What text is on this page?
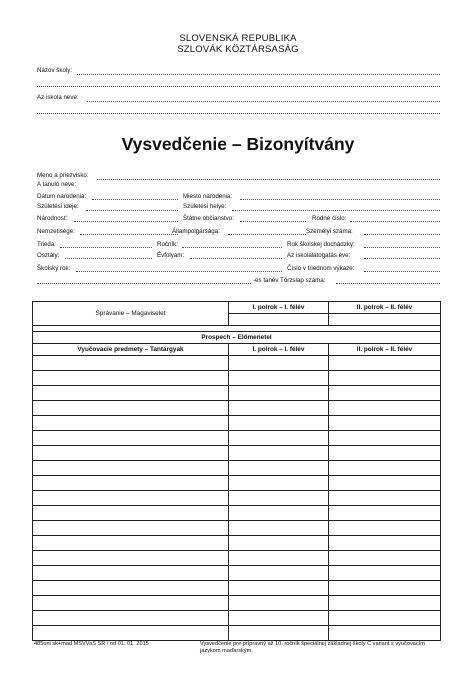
SLOVENSKÁ REPUBLIKA
SZLOVÁK KÖZTÁRSASÁG
Názov školy:
Az iskola neve:
Vysvedčenie – Bizonyítvány
Meno a priezvisko:
A tanuló neve:
Dátum narodenia:	Miesto narodenia:
Születési ideje:	Születési helye:
Národnosť:	Štátne občianstvo:	Rodné číslo:
Nemzetisége:	Állampolgársága:	Személyi száma:
Trieda:	Ročník:	Rok školskej dochádzky:
Osztály:	Évfolyam:	Az iskolalátogatás éve:
Školský rok:	Číslo v triednom výkaze:
-es tanév Törzslap száma:
Správanie – Magaviselet	I. polrok – I. félév	II. polrok – II. félév

Prospech – Előmenetel		
Vyučovacie predmety – Tantárgyak	I. polrok – I. félév	II. polrok – II. félév

485uni sk+mad MŠVVaŠ SR / od 01. 01. 2015	Vysvedčenie pre prípravný až 10. ročník špeciálnej základnej školy C variant s vyučovacím
jazykom maďarským.
